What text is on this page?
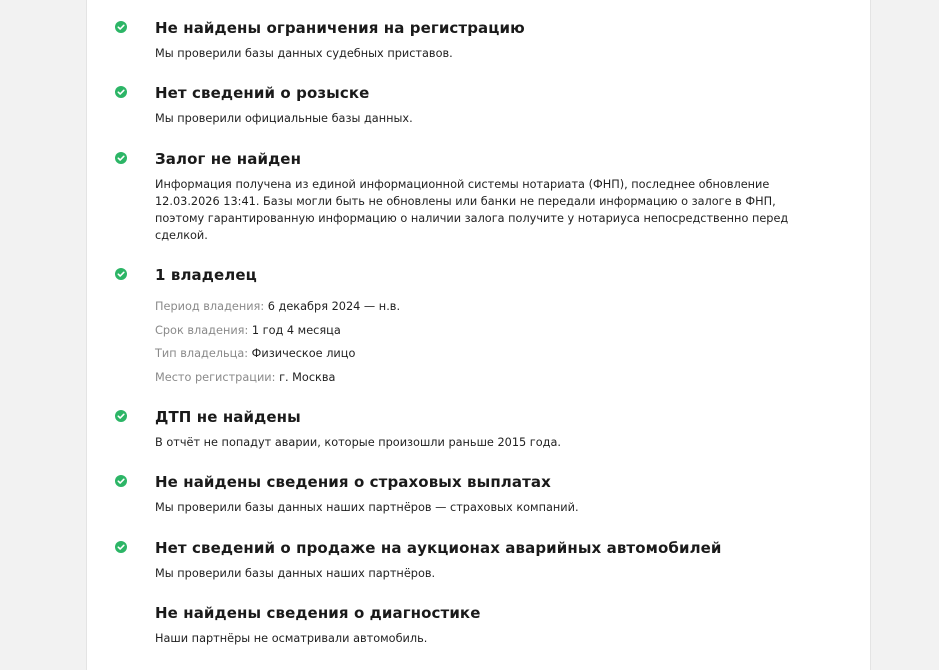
Не найдены ограничения на регистрацию
Мы проверили базы данных судебных приставов.
Нет сведений о розыске
Мы проверили официальные базы данных.
Залог не найден
Информация получена из единой информационной системы нотариата (ФНП), последнее обновление 12.03.2026 13:41. Базы могли быть не обновлены или банки не передали информацию о залоге в ФНП, поэтому гарантированную информацию о наличии залога получите у нотариуса непосредственно перед сделкой.
1 владелец
Период владения: 6 декабря 2024 — н.в.
Срок владения: 1 год 4 месяца
Тип владельца: Физическое лицо
Место регистрации: г. Москва
ДТП не найдены
В отчёт не попадут аварии, которые произошли раньше 2015 года.
Не найдены сведения о страховых выплатах
Мы проверили базы данных наших партнёров — страховых компаний.
Нет сведений о продаже на аукционах аварийных автомобилей
Мы проверили базы данных наших партнёров.
Не найдены сведения о диагностике
Наши партнёры не осматривали автомобиль.
